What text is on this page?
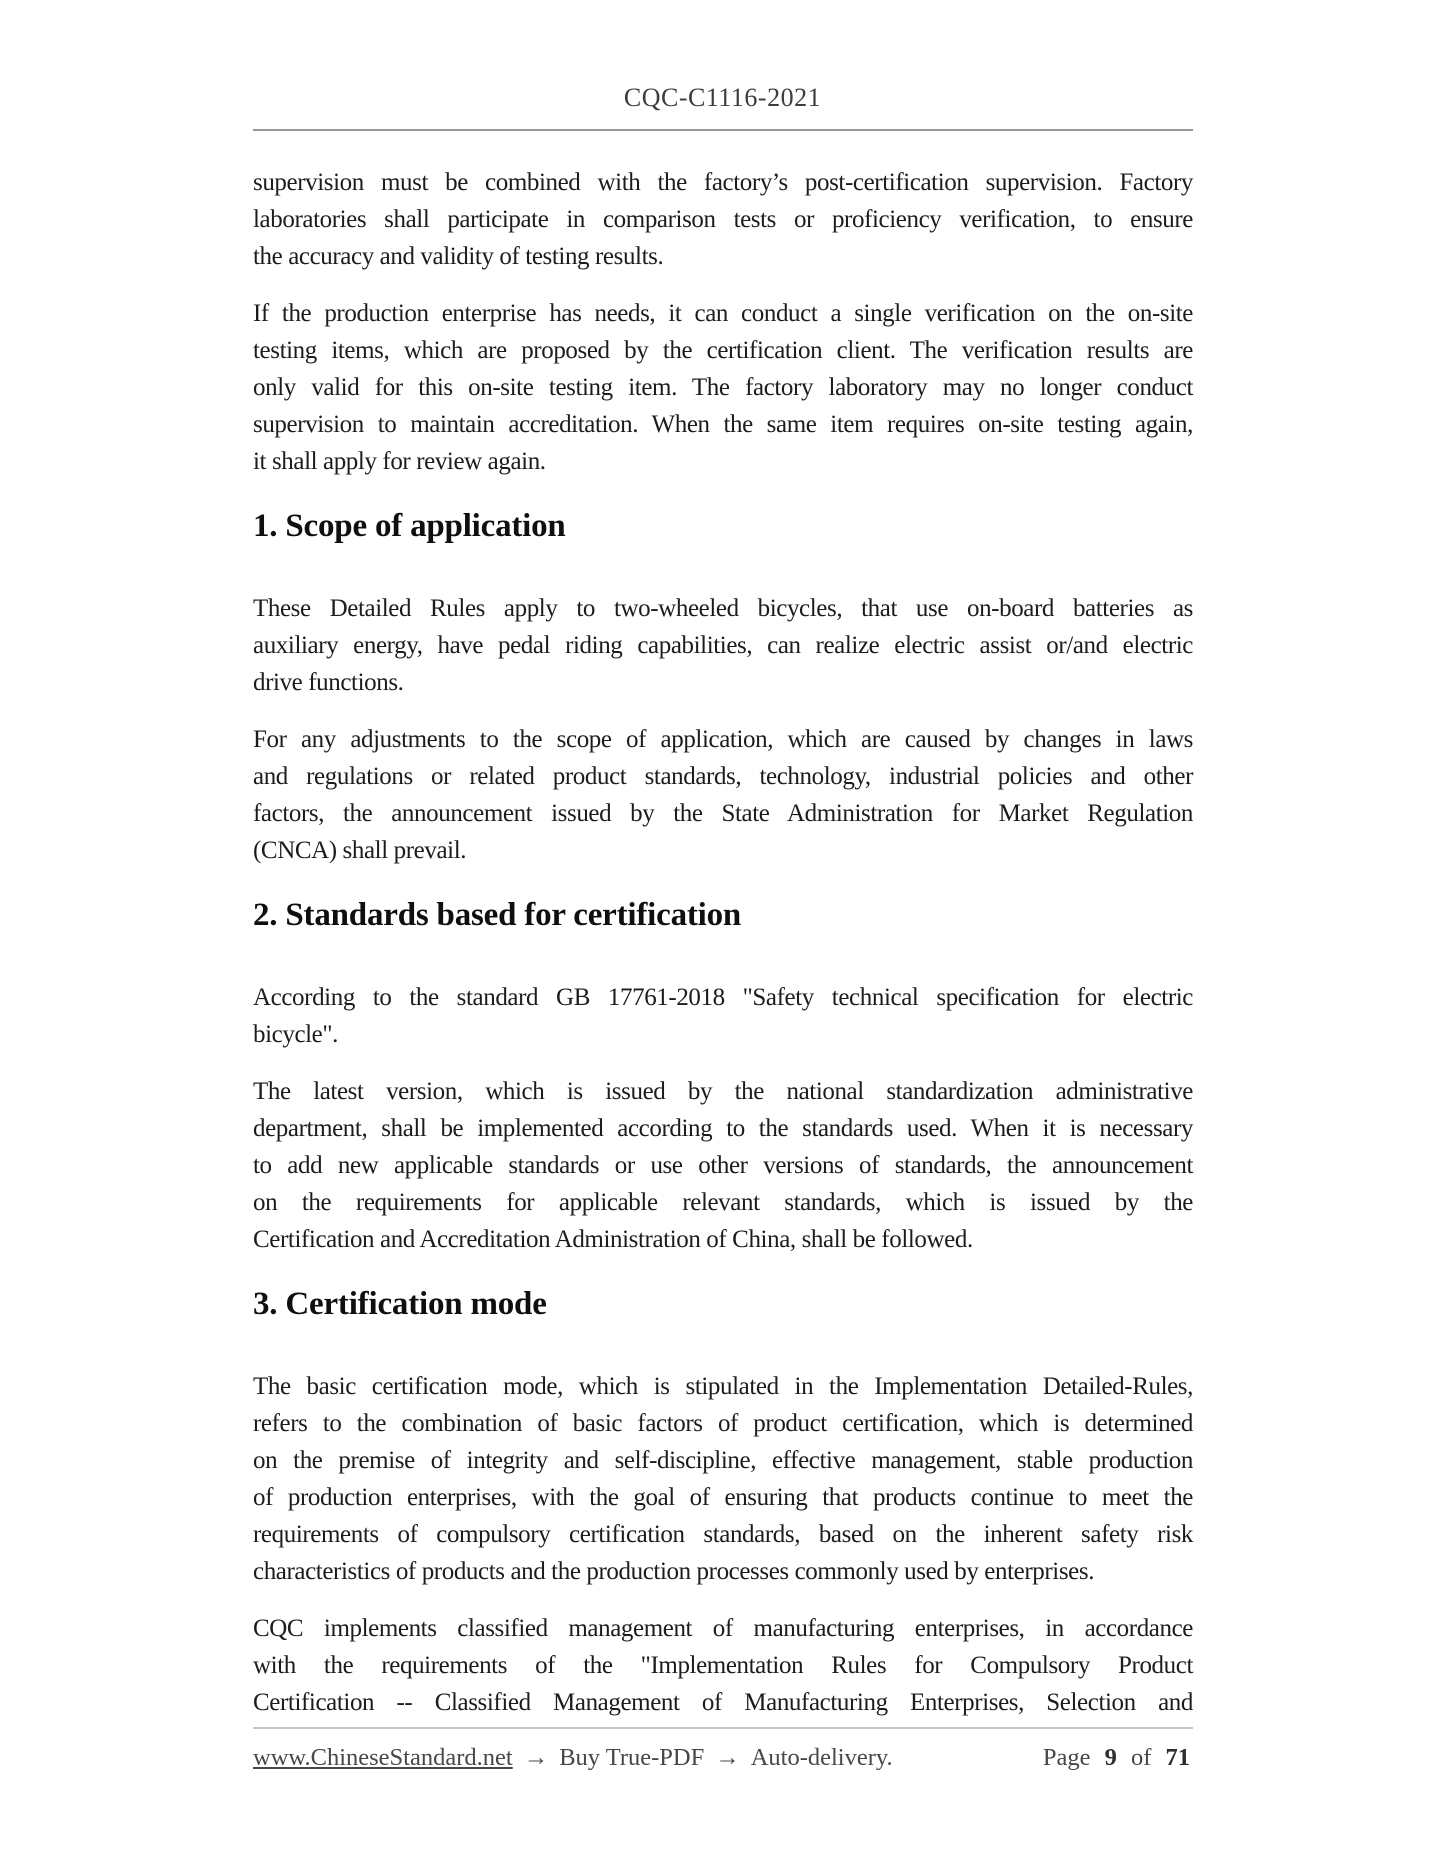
CQC-C1116-2021
supervision must be combined with the factory’s post-certification supervision. Factory
laboratories shall participate in comparison tests or proficiency verification, to ensure
the accuracy and validity of testing results.
If the production enterprise has needs, it can conduct a single verification on the on-site
testing items, which are proposed by the certification client. The verification results are
only valid for this on-site testing item. The factory laboratory may no longer conduct
supervision to maintain accreditation. When the same item requires on-site testing again,
it shall apply for review again.
1. Scope of application
These Detailed Rules apply to two-wheeled bicycles, that use on-board batteries as
auxiliary energy, have pedal riding capabilities, can realize electric assist or/and electric
drive functions.
For any adjustments to the scope of application, which are caused by changes in laws
and regulations or related product standards, technology, industrial policies and other
factors, the announcement issued by the State Administration for Market Regulation
(CNCA) shall prevail.
2. Standards based for certification
According to the standard GB 17761-2018 "Safety technical specification for electric
bicycle".
The latest version, which is issued by the national standardization administrative
department, shall be implemented according to the standards used. When it is necessary
to add new applicable standards or use other versions of standards, the announcement
on the requirements for applicable relevant standards, which is issued by the
Certification and Accreditation Administration of China, shall be followed.
3. Certification mode
The basic certification mode, which is stipulated in the Implementation Detailed-Rules,
refers to the combination of basic factors of product certification, which is determined
on the premise of integrity and self-discipline, effective management, stable production
of production enterprises, with the goal of ensuring that products continue to meet the
requirements of compulsory certification standards, based on the inherent safety risk
characteristics of products and the production processes commonly used by enterprises.
CQC implements classified management of manufacturing enterprises, in accordance
with the requirements of the "Implementation Rules for Compulsory Product
Certification -- Classified Management of Manufacturing Enterprises, Selection and
www.ChineseStandard.net → Buy True-PDF → Auto-delivery.	Page 9 of 71
